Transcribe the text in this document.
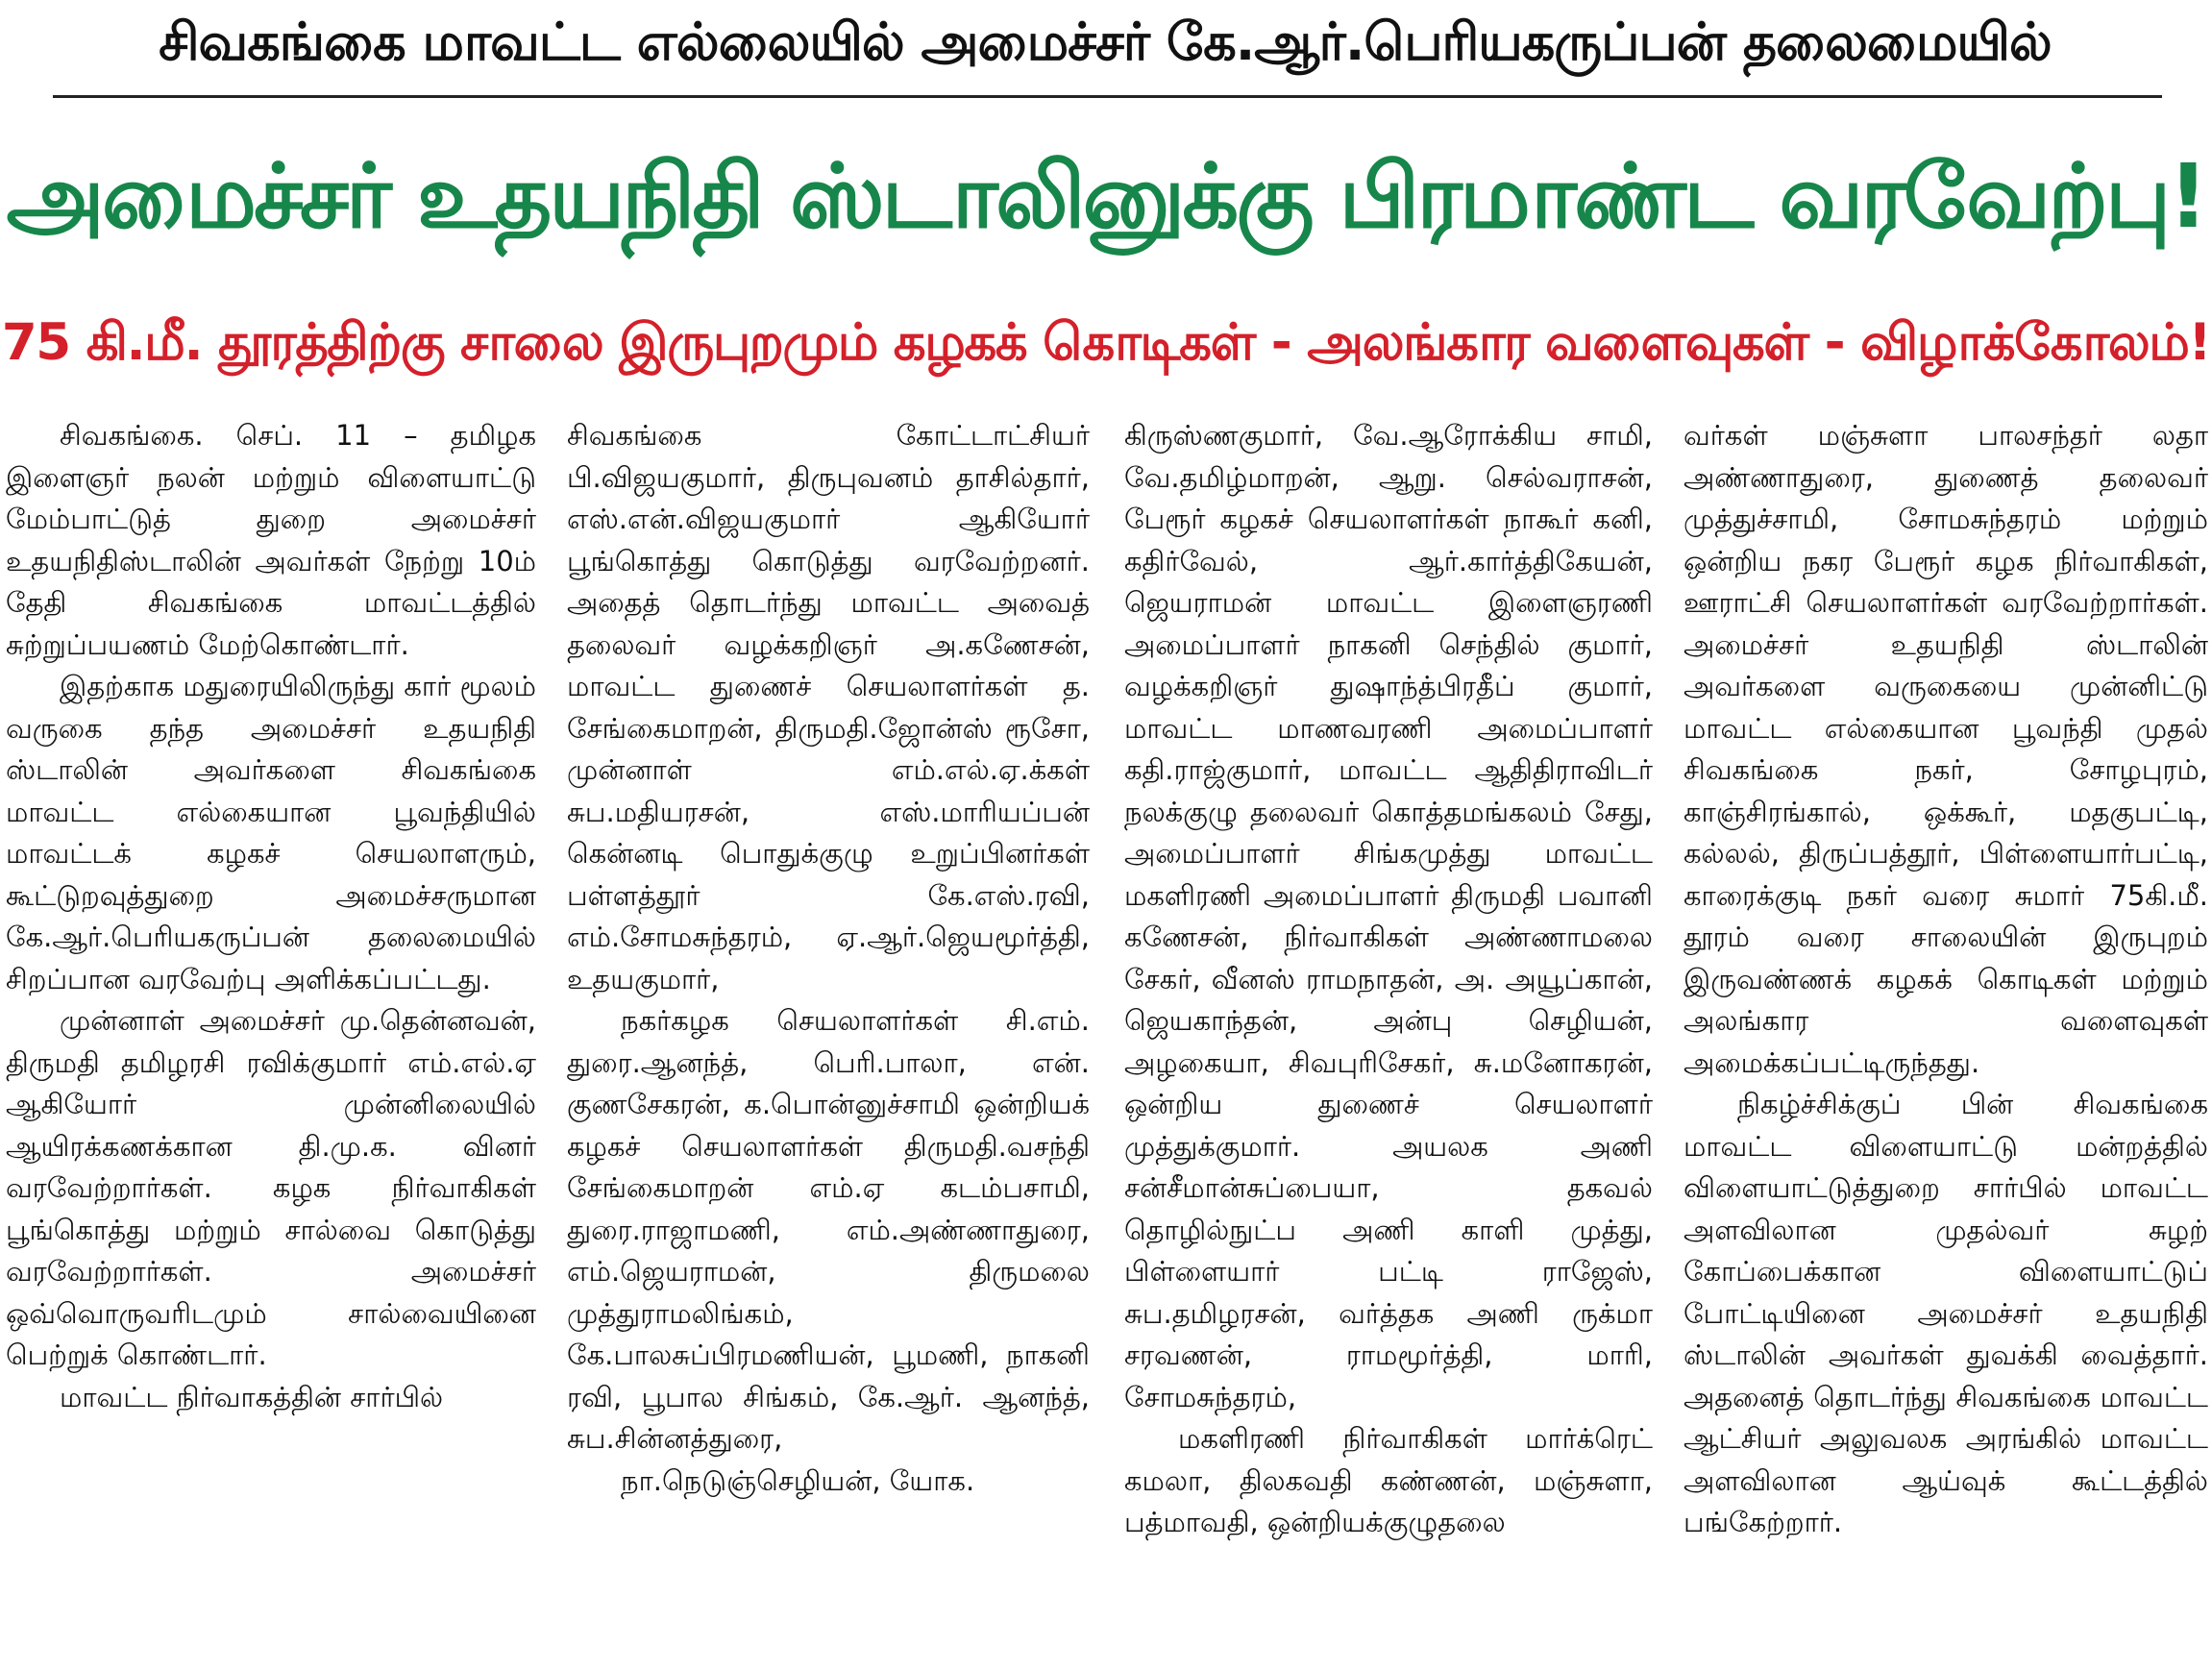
சிவகங்கை மாவட்ட எல்லையில் அமைச்சர் கே.ஆர்.பெரியகருப்பன் தலைமையில்
அமைச்சர் உதயநிதி ஸ்டாலினுக்கு பிரமாண்ட வரவேற்பு!
75 கி.மீ. தூரத்திற்கு சாலை இருபுறமும் கழகக் கொடிகள் - அலங்கார வளைவுகள் - விழாக்கோலம்!

சிவகங்கை. செப். 11 – தமிழக இளைஞர் நலன் மற்றும் விளையாட்டு மேம்பாட்டுத் துறை அமைச்சர் உதயநிதிஸ்டாலின் அவர்கள் நேற்று 10ம் தேதி சிவகங்கை மாவட்டத்தில் சுற்றுப்பயணம் மேற்கொண்டார்.

இதற்காக மதுரையிலிருந்து கார் மூலம் வருகை தந்த அமைச்சர் உதயநிதி ஸ்டாலின் அவர்களை சிவகங்கை மாவட்ட எல்கையான பூவந்தியில் மாவட்டக் கழகச் செயலாளரும், கூட்டுறவுத்துறை அமைச்சருமான கே.ஆர்.பெரியகருப்பன் தலைமையில் சிறப்பான வரவேற்பு அளிக்கப்பட்டது.

முன்னாள் அமைச்சர் மு.தென்னவன், திருமதி தமிழரசி ரவிக்குமார் எம்.எல்.ஏ ஆகியோர் முன்னிலையில் ஆயிரக்கணக்கான தி.மு.க. வினர் வரவேற்றார்கள். கழக நிர்வாகிகள் பூங்கொத்து மற்றும் சால்வை கொடுத்து வரவேற்றார்கள். அமைச்சர் ஒவ்வொருவரிடமும் சால்வையினை பெற்றுக் கொண்டார்.

மாவட்ட நிர்வாகத்தின் சார்பில்

சிவகங்கை கோட்டாட்சியர் பி.விஜயகுமார், திருபுவனம் தாசில்தார், எஸ்.என்.விஜயகுமார் ஆகியோர் பூங்கொத்து கொடுத்து வரவேற்றனர். அதைத் தொடர்ந்து மாவட்ட அவைத் தலைவர் வழக்கறிஞர் அ.கணேசன், மாவட்ட துணைச் செயலாளர்கள் த. சேங்கைமாறன், திருமதி.ஜோன்ஸ் ரூசோ, முன்னாள் எம்.எல்.ஏ.க்கள் சுப.மதியரசன், எஸ்.மாரியப்பன் கென்னடி பொதுக்குழு உறுப்பினர்கள் பள்ளத்தூர் கே.எஸ்.ரவி, எம்.சோமசுந்தரம், ஏ.ஆர்.ஜெயமூர்த்தி, உதயகுமார்,

நகர்கழக செயலாளர்கள் சி.எம். துரை.ஆனந்த், பெரி.பாலா, என். குணசேகரன், க.பொன்னுச்சாமி ஒன்றியக் கழகச் செயலாளர்கள் திருமதி.வசந்தி சேங்கைமாறன் எம்.ஏ கடம்பசாமி, துரை.ராஜாமணி, எம்.அண்ணாதுரை, எம்.ஜெயராமன், திருமலை முத்துராமலிங்கம், கே.பாலசுப்பிரமணியன், பூமணி, நாகனி ரவி, பூபால சிங்கம், கே.ஆர். ஆனந்த், சுப.சின்னத்துரை,

நா.நெடுஞ்செழியன், யோக.

கிருஸ்ணகுமார், வே.ஆரோக்கிய சாமி, வே.தமிழ்மாறன், ஆறு. செல்வராசன், பேரூர் கழகச் செயலாளர்கள் நாகூர் கனி, கதிர்வேல், ஆர்.கார்த்திகேயன், ஜெயராமன் மாவட்ட இளைஞரணி அமைப்பாளர் நாகனி செந்தில் குமார், வழக்கறிஞர் துஷாந்த்பிரதீப் குமார், மாவட்ட மாணவரணி அமைப்பாளர் கதி.ராஜ்குமார், மாவட்ட ஆதிதிராவிடர் நலக்குழு தலைவர் கொத்தமங்கலம் சேது, அமைப்பாளர் சிங்கமுத்து மாவட்ட மகளிரணி அமைப்பாளர் திருமதி பவானி கணேசன், நிர்வாகிகள் அண்ணாமலை சேகர், வீனஸ் ராமநாதன், அ. அயூப்கான், ஜெயகாந்தன், அன்பு செழியன், அழகையா, சிவபுரிசேகர், சு.மனோகரன், ஒன்றிய துணைச் செயலாளர் முத்துக்குமார். அயலக அணி சன்சீமான்சுப்பையா, தகவல் தொழில்நுட்ப அணி காளி முத்து, பிள்ளையார் பட்டி ராஜேஸ், சுப.தமிழரசன், வர்த்தக அணி ருக்மா சரவணன், ராமமூர்த்தி, மாரி, சோமசுந்தரம்,

மகளிரணி நிர்வாகிகள் மார்க்ரெட் கமலா, திலகவதி கண்ணன், மஞ்சுளா, பத்மாவதி, ஒன்றியக்குழுதலை

வர்கள் மஞ்சுளா பாலசந்தர் லதா அண்ணாதுரை, துணைத் தலைவர் முத்துச்சாமி, சோமசுந்தரம் மற்றும் ஒன்றிய நகர பேரூர் கழக நிர்வாகிகள், ஊராட்சி செயலாளர்கள் வரவேற்றார்கள். அமைச்சர் உதயநிதி ஸ்டாலின் அவர்களை வருகையை முன்னிட்டு மாவட்ட எல்கையான பூவந்தி முதல் சிவகங்கை நகர், சோழபுரம், காஞ்சிரங்கால், ஒக்கூர், மதகுபட்டி, கல்லல், திருப்பத்தூர், பிள்ளையார்பட்டி, காரைக்குடி நகர் வரை சுமார் 75கி.மீ. தூரம் வரை சாலையின் இருபுறம் இருவண்ணக் கழகக் கொடிகள் மற்றும் அலங்கார வளைவுகள் அமைக்கப்பட்டிருந்தது.

நிகழ்ச்சிக்குப் பின் சிவகங்கை மாவட்ட விளையாட்டு மன்றத்தில் விளையாட்டுத்துறை சார்பில் மாவட்ட அளவிலான முதல்வர் சுழற் கோப்பைக்கான விளையாட்டுப் போட்டியினை அமைச்சர் உதயநிதி ஸ்டாலின் அவர்கள் துவக்கி வைத்தார். அதனைத் தொடர்ந்து சிவகங்கை மாவட்ட ஆட்சியர் அலுவலக அரங்கில் மாவட்ட அளவிலான ஆய்வுக் கூட்டத்தில் பங்கேற்றார்.
